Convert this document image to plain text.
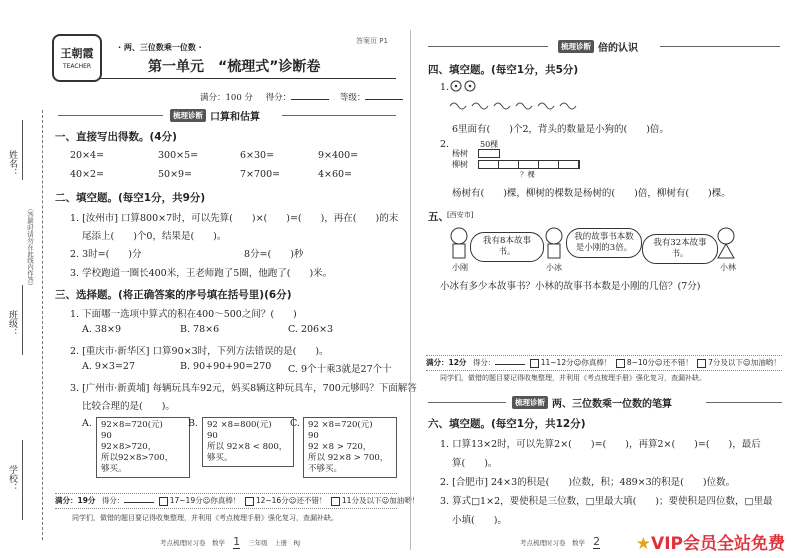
姓名：
班级：
学校：
（答题时请勿在此线内作答）
王朝霞
TEACHER
· 两、三位数乘一位数 ·
答案页 P1
第一单元　“梳理式”诊断卷
满分：100 分 得分：	等级：
梳理诊断 口算和估算
一、直接写出得数。(4分)
20×4=	300×5=	6×30=	9×400=
40×2=	50×9=	7×700=	4×60=
二、填空题。(每空1分，共9分)
1. [汝州市] 口算800×7时，可以先算(　　)×(　　)=(　　)，再在(　　)的末
尾添上(　　)个0，结果是(　　)。
2. 3时=(　　)分	8分=(　　)秒
3. 学校跑道一圈长400米，王老师跑了5圈，他跑了(　　)米。
三、选择题。(将正确答案的序号填在括号里)(6分)
1. 下面哪一选项中算式的积在400～500之间？(　　)
A. 38×9	B. 78×6	C. 206×3
2. [重庆市·新华区] 口算90×3时，下列方法错误的是(　　)。
A. 9×3=27	B. 90+90+90=270 C. 9个十乘3就是27个十
3. [广州市·新黄埔] 每辆玩具车92元，妈买8辆这种玩具车，700元够吗？下面解答
比较合理的是(　　)。
A. 92×8=720(元)
90
92×8>720，
所以92×8>700，
够买。
B. 92 ×8=800(元)
90
所以 92×8 < 800，
够买。
C. 92 ×8=720(元)
90
92 ×8 > 720，
所以 92×8 > 700，
不够买。
满分：19分 得分：	17~19分☺你真棒！ 12~16分☺还不错！ 11分及以下☺加油哟！
同学们，做错的题目要记得收集整理，并利用《考点梳理手册》强化复习，查漏补缺。
考点梳理时习卷　数学 1 三年级　上册　RJ
梳理诊断 倍的认识
四、填空题。(每空1分，共5分)
1.
6里面有(　　)个2，背头的数量是小狗的(　　)倍。
2.	50棵
杨树
柳树
？棵
杨树有(　　)棵，柳树的棵数是杨树的(　　)倍，柳树有(　　)棵。
五、
[西安市]
我有8本故事书。
小刚
我的故事书本数是小刚的3倍。
小冰
我有32本故事书。
小林
小冰有多少本故事书？小林的故事书本数是小刚的几倍？(7分)
满分：12分 得分：	11~12分☺你真棒！ 8~10分☺还不错！ 7分及以下☺加油哟！
同学们，做错的题目要记得收集整理，并利用《考点梳理手册》强化复习，查漏补缺。
梳理诊断 两、三位数乘一位数的笔算
六、填空题。(每空1分，共12分)
1. 口算13×2时，可以先算2×(　　)=(　　)，再算2×(　　)=(　　)，最后
算(　　)。
2. [合肥市] 24×3的积是(　　)位数，积；489×3的积是(　　)位数。
3. 算式□1×2，要使积是三位数，□里最大填(　　)；要使积是四位数，□里最
小填(　　)。
考点梳理时习卷　数学 2 ★VIP会员全站免费
